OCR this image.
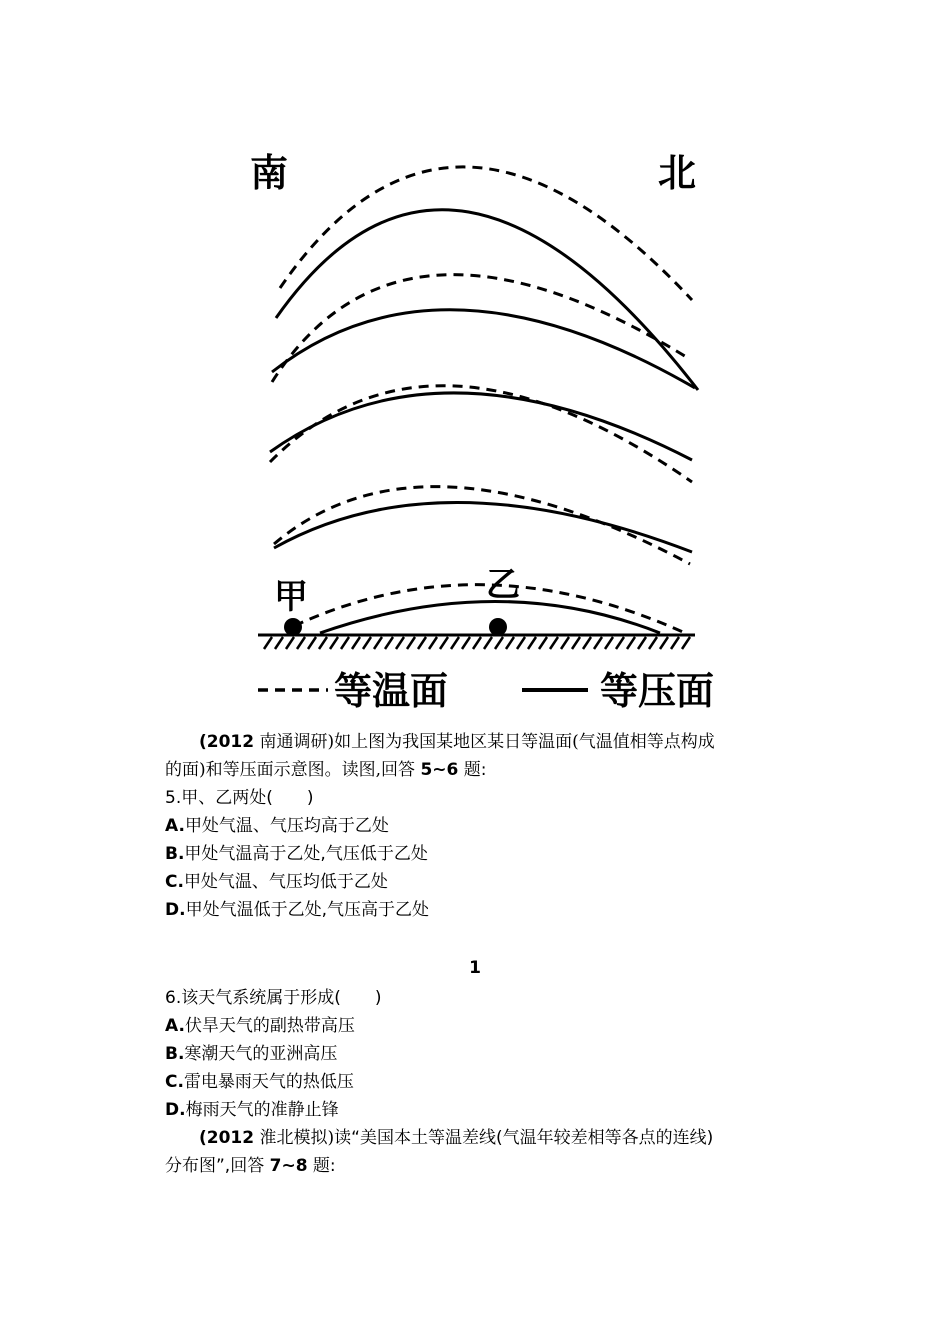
南	北
甲	乙
等温面	等压面

(2012 南通调研)如上图为我国某地区某日等温面(气温值相等点构成

的面)和等压面示意图。读图,回答 5~6 题:

5.甲、乙两处(　　)

A.甲处气温、气压均高于乙处

B.甲处气温高于乙处,气压低于乙处

C.甲处气温、气压均低于乙处

D.甲处气温低于乙处,气压高于乙处

1

6.该天气系统属于形成(　　)

A.伏旱天气的副热带高压

B.寒潮天气的亚洲高压

C.雷电暴雨天气的热低压

D.梅雨天气的准静止锋

(2012 淮北模拟)读“美国本土等温差线(气温年较差相等各点的连线)

分布图”,回答 7~8 题:
